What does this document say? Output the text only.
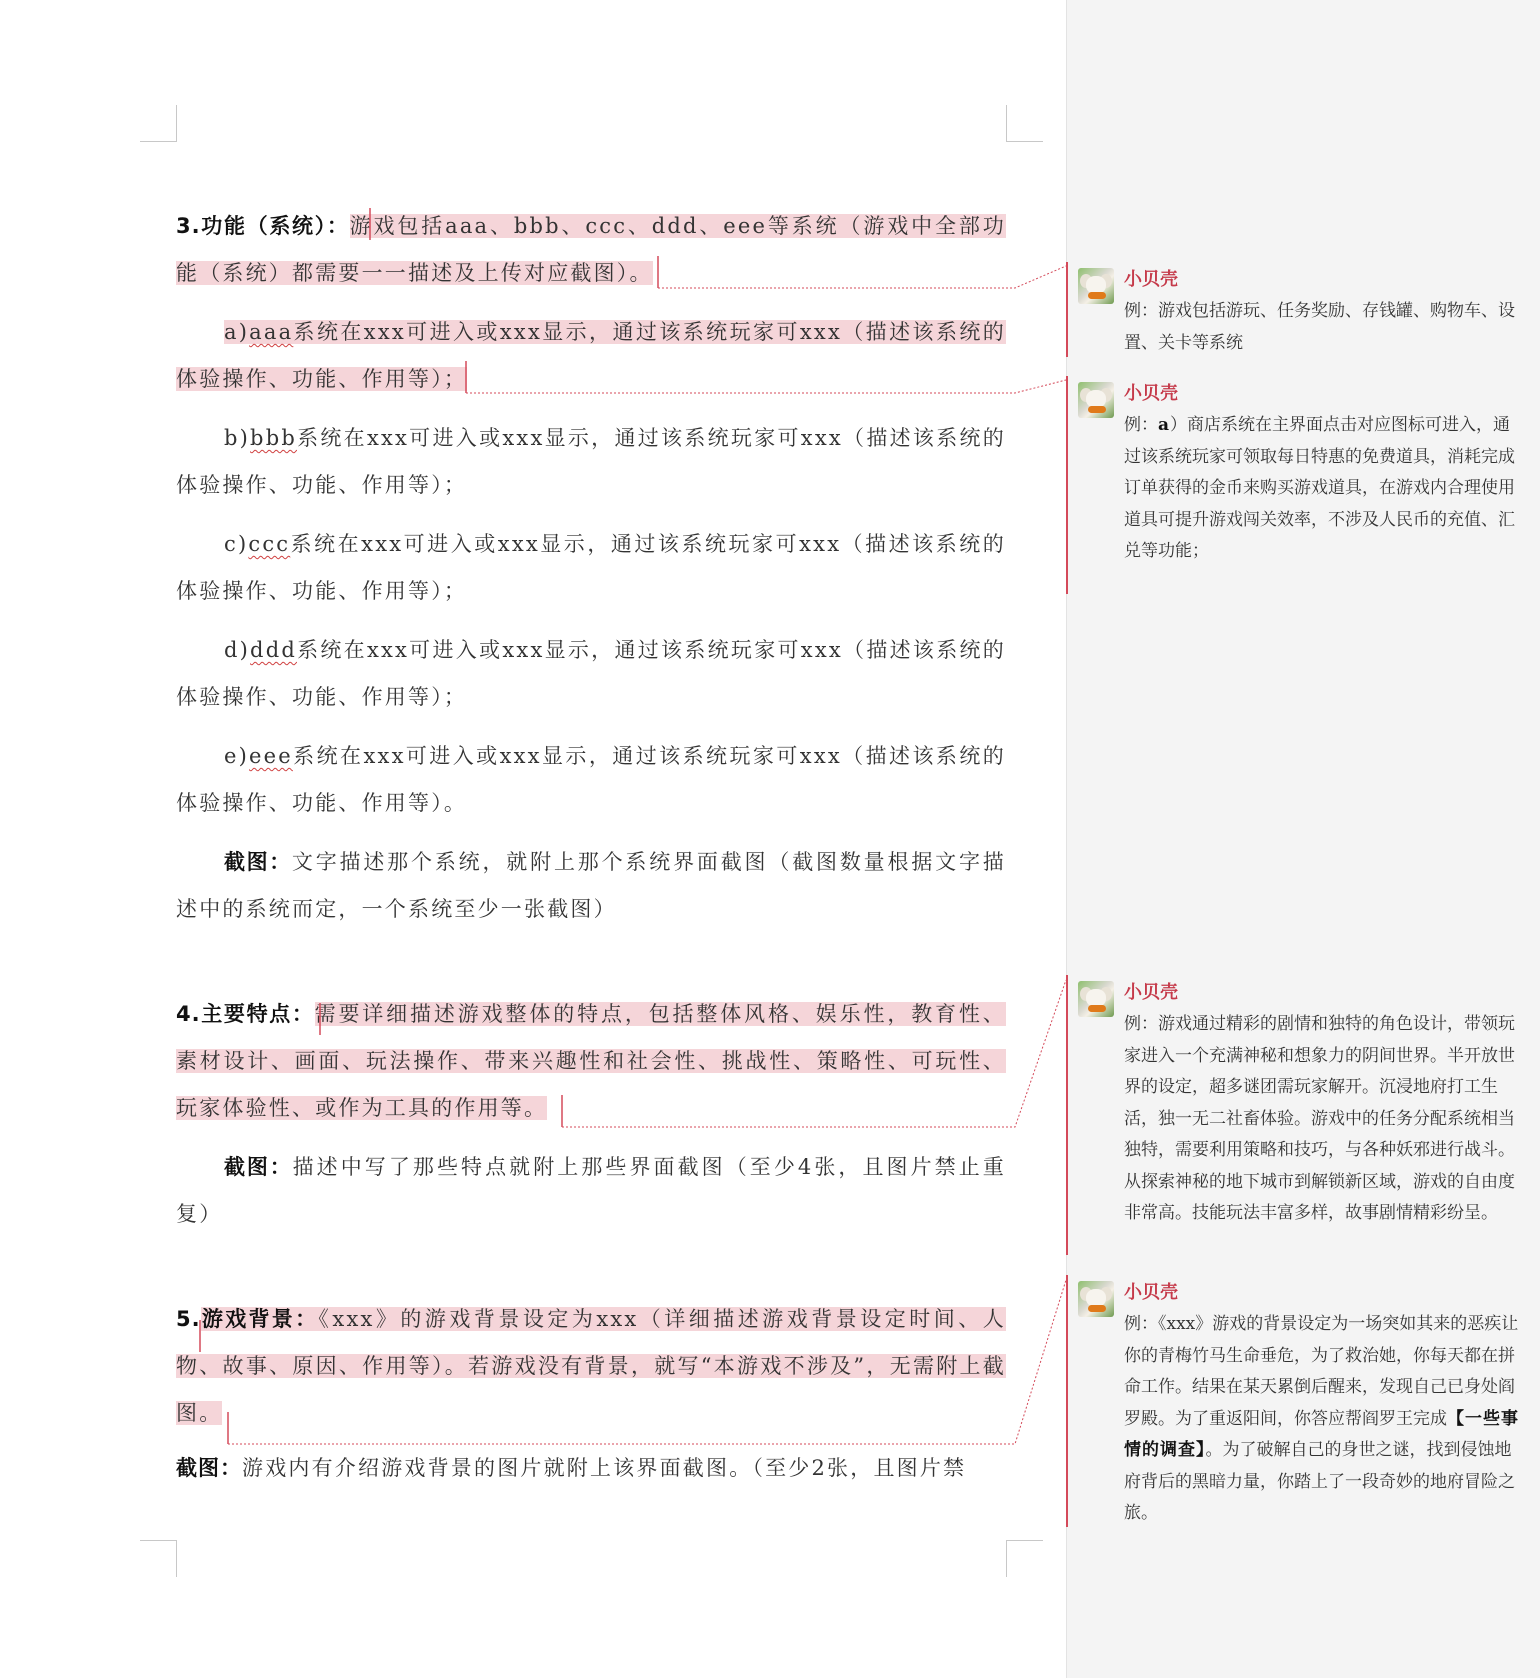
3.功能（系统）：游戏包括aaa、bbb、ccc、ddd、eee等系统（游戏中全部功能（系统）都需要一一描述及上传对应截图）。

a)aaa系统在xxx可进入或xxx显示，通过该系统玩家可xxx（描述该系统的体验操作、功能、作用等）；

b)bbb系统在xxx可进入或xxx显示，通过该系统玩家可xxx（描述该系统的体验操作、功能、作用等）；

c)ccc系统在xxx可进入或xxx显示，通过该系统玩家可xxx（描述该系统的体验操作、功能、作用等）；

d)ddd系统在xxx可进入或xxx显示，通过该系统玩家可xxx（描述该系统的体验操作、功能、作用等）；

e)eee系统在xxx可进入或xxx显示，通过该系统玩家可xxx（描述该系统的体验操作、功能、作用等）。

截图：文字描述那个系统，就附上那个系统界面截图（截图数量根据文字描述中的系统而定，一个系统至少一张截图）

4.主要特点：需要详细描述游戏整体的特点，包括整体风格、娱乐性，教育性、素材设计、画面、玩法操作、带来兴趣性和社会性、挑战性、策略性、可玩性、玩家体验性、或作为工具的作用等。

截图：描述中写了那些特点就附上那些界面截图（至少4张，且图片禁止重复）

5.游戏背景：《xxx》的游戏背景设定为xxx（详细描述游戏背景设定时间、人物、故事、原因、作用等）。若游戏没有背景，就写“本游戏不涉及”，无需附上截图。

截图：游戏内有介绍游戏背景的图片就附上该界面截图。（至少2张，且图片禁

小贝壳
例：游戏包括游玩、任务奖励、存钱罐、购物车、设置、关卡等系统
小贝壳
例：a）商店系统在主界面点击对应图标可进入，通过该系统玩家可领取每日特惠的免费道具，消耗完成订单获得的金币来购买游戏道具，在游戏内合理使用道具可提升游戏闯关效率，不涉及人民币的充值、汇兑等功能；
小贝壳
例：游戏通过精彩的剧情和独特的角色设计，带领玩家进入一个充满神秘和想象力的阴间世界。半开放世界的设定，超多谜团需玩家解开。沉浸地府打工生活，独一无二社畜体验。游戏中的任务分配系统相当独特，需要利用策略和技巧，与各种妖邪进行战斗。从探索神秘的地下城市到解锁新区域，游戏的自由度非常高。技能玩法丰富多样，故事剧情精彩纷呈。
小贝壳
例：《xxx》游戏的背景设定为一场突如其来的恶疾让你的青梅竹马生命垂危，为了救治她，你每天都在拼命工作。结果在某天累倒后醒来，发现自己已身处阎罗殿。为了重返阳间，你答应帮阎罗王完成【一些事情的调查】。为了破解自己的身世之谜，找到侵蚀地府背后的黑暗力量，你踏上了一段奇妙的地府冒险之旅。
